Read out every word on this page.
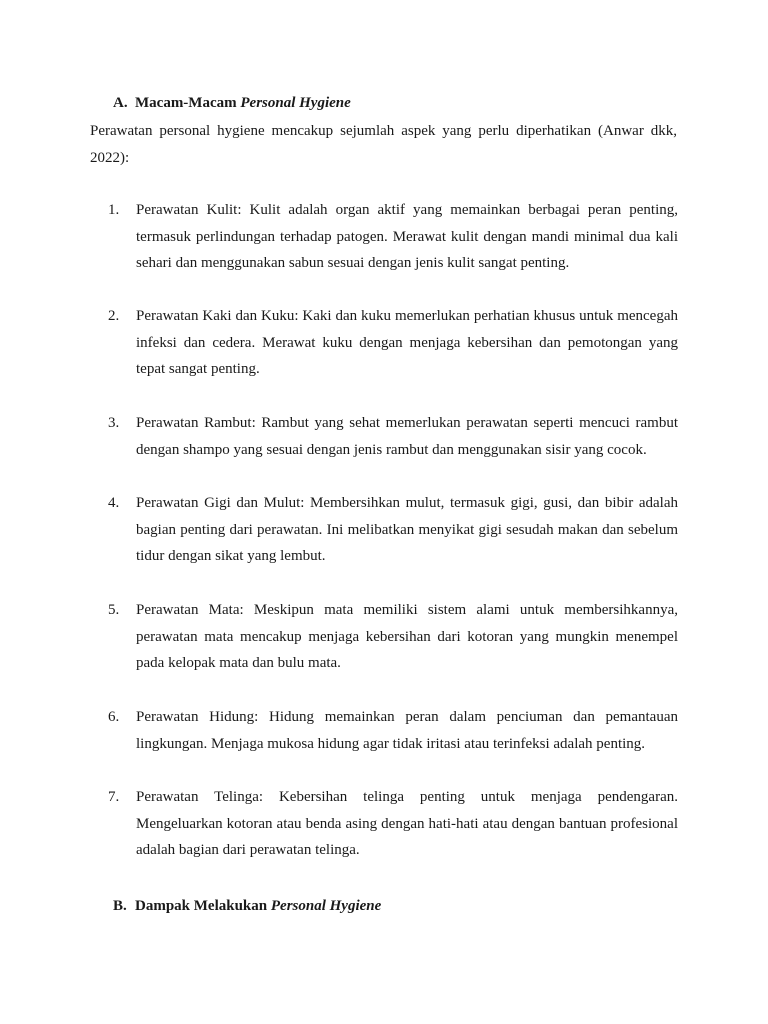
A. Macam-Macam Personal Hygiene
Perawatan personal hygiene mencakup sejumlah aspek yang perlu diperhatikan (Anwar dkk, 2022):
1.	Perawatan Kulit: Kulit adalah organ aktif yang memainkan berbagai peran penting, termasuk perlindungan terhadap patogen. Merawat kulit dengan mandi minimal dua kali sehari dan menggunakan sabun sesuai dengan jenis kulit sangat penting.
2.	Perawatan Kaki dan Kuku: Kaki dan kuku memerlukan perhatian khusus untuk mencegah infeksi dan cedera. Merawat kuku dengan menjaga kebersihan dan pemotongan yang tepat sangat penting.
3.	Perawatan Rambut: Rambut yang sehat memerlukan perawatan seperti mencuci rambut dengan shampo yang sesuai dengan jenis rambut dan menggunakan sisir yang cocok.
4.	Perawatan Gigi dan Mulut: Membersihkan mulut, termasuk gigi, gusi, dan bibir adalah bagian penting dari perawatan. Ini melibatkan menyikat gigi sesudah makan dan sebelum tidur dengan sikat yang lembut.
5.	Perawatan Mata: Meskipun mata memiliki sistem alami untuk membersihkannya, perawatan mata mencakup menjaga kebersihan dari kotoran yang mungkin menempel pada kelopak mata dan bulu mata.
6.	Perawatan Hidung: Hidung memainkan peran dalam penciuman dan pemantauan lingkungan. Menjaga mukosa hidung agar tidak iritasi atau terinfeksi adalah penting.
7.	Perawatan Telinga: Kebersihan telinga penting untuk menjaga pendengaran. Mengeluarkan kotoran atau benda asing dengan hati-hati atau dengan bantuan profesional adalah bagian dari perawatan telinga.
B. Dampak Melakukan Personal Hygiene
